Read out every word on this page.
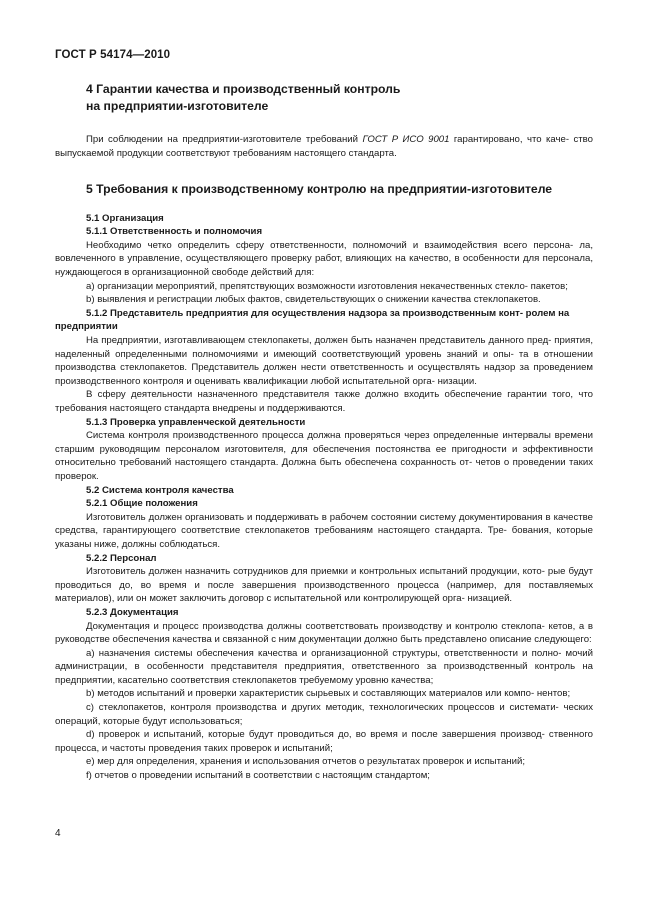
ГОСТ Р 54174—2010
4 Гарантии качества и производственный контроль
на предприятии-изготовителе

При соблюдении на предприятии-изготовителе требований ГОСТ Р ИСО 9001 гарантировано, что каче- ство выпускаемой продукции соответствуют требованиям настоящего стандарта.

5 Требования к производственному контролю на предприятии-изготовителе
5.1 Организация
5.1.1 Ответственность и полномочия

Необходимо четко определить сферу ответственности, полномочий и взаимодействия всего персона- ла, вовлеченного в управление, осуществляющего проверку работ, влияющих на качество, в особенности для персонала, нуждающегося в организационной свободе действий для:

a) организации мероприятий, препятствующих возможности изготовления некачественных стекло- пакетов;

b) выявления и регистрации любых фактов, свидетельствующих о снижении качества стеклопакетов.

5.1.2 Представитель предприятия для осуществления надзора за производственным конт- ролем на предприятии

На предприятии, изготавливающем стеклопакеты, должен быть назначен представитель данного пред- приятия, наделенный определенными полномочиями и имеющий соответствующий уровень знаний и опы- та в отношении производства стеклопакетов. Представитель должен нести ответственность и осуществлять надзор за проведением производственного контроля и оценивать квалификации любой испытательной орга- низации.

В сферу деятельности назначенного представителя также должно входить обеспечение гарантии того, что требования настоящего стандарта внедрены и поддерживаются.

5.1.3 Проверка управленческой деятельности

Система контроля производственного процесса должна проверяться через определенные интервалы времени старшим руководящим персоналом изготовителя, для обеспечения постоянства ее пригодности и эффективности относительно требований настоящего стандарта. Должна быть обеспечена сохранность от- четов о проведении таких проверок.

5.2 Система контроля качества
5.2.1 Общие положения

Изготовитель должен организовать и поддерживать в рабочем состоянии систему документирования в качестве средства, гарантирующего соответствие стеклопакетов требованиям настоящего стандарта. Тре- бования, которые указаны ниже, должны соблюдаться.

5.2.2 Персонал

Изготовитель должен назначить сотрудников для приемки и контрольных испытаний продукции, кото- рые будут проводиться до, во время и после завершения производственного процесса (например, для поставляемых материалов), или он может заключить договор с испытательной или контролирующей орга- низацией.

5.2.3 Документация

Документация и процесс производства должны соответствовать производству и контролю стеклопа- кетов, а в руководстве обеспечения качества и связанной с ним документации должно быть представлено описание следующего:

a) назначения системы обеспечения качества и организационной структуры, ответственности и полно- мочий администрации, в особенности представителя предприятия, ответственного за производственный контроль на предприятии, касательно соответствия стеклопакетов требуемому уровню качества;

b) методов испытаний и проверки характеристик сырьевых и составляющих материалов или компо- нентов;

c) стеклопакетов, контроля производства и других методик, технологических процессов и системати- ческих операций, которые будут использоваться;

d) проверок и испытаний, которые будут проводиться до, во время и после завершения производ- ственного процесса, и частоты проведения таких проверок и испытаний;

e) мер для определения, хранения и использования отчетов о результатах проверок и испытаний;

f) отчетов о проведении испытаний в соответствии с настоящим стандартом;

4
